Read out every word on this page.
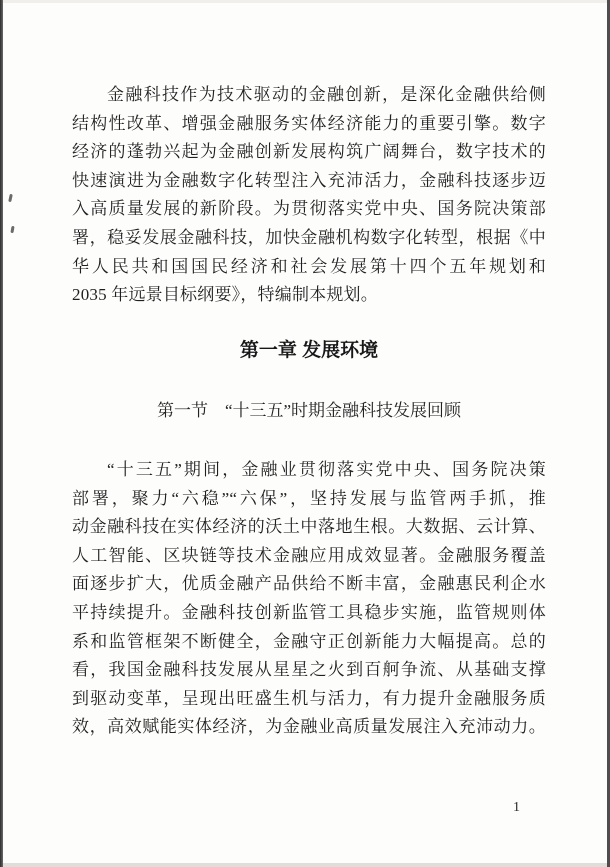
金融科技作为技术驱动的金融创新，是深化金融供给侧
结构性改革、增强金融服务实体经济能力的重要引擎。数字
经济的蓬勃兴起为金融创新发展构筑广阔舞台，数字技术的
快速演进为金融数字化转型注入充沛活力，金融科技逐步迈
入高质量发展的新阶段。为贯彻落实党中央、国务院决策部
署，稳妥发展金融科技，加快金融机构数字化转型，根据《中
华人民共和国国民经济和社会发展第十四个五年规划和
2035 年远景目标纲要》，特编制本规划。
第一章 发展环境
第一节　“十三五”时期金融科技发展回顾
“十三五”期间，金融业贯彻落实党中央、国务院决策
部署，聚力“六稳”“六保”，坚持发展与监管两手抓，推
动金融科技在实体经济的沃土中落地生根。大数据、云计算、
人工智能、区块链等技术金融应用成效显著。金融服务覆盖
面逐步扩大，优质金融产品供给不断丰富，金融惠民利企水
平持续提升。金融科技创新监管工具稳步实施，监管规则体
系和监管框架不断健全，金融守正创新能力大幅提高。总的
看，我国金融科技发展从星星之火到百舸争流、从基础支撑
到驱动变革，呈现出旺盛生机与活力，有力提升金融服务质
效，高效赋能实体经济，为金融业高质量发展注入充沛动力。
1
